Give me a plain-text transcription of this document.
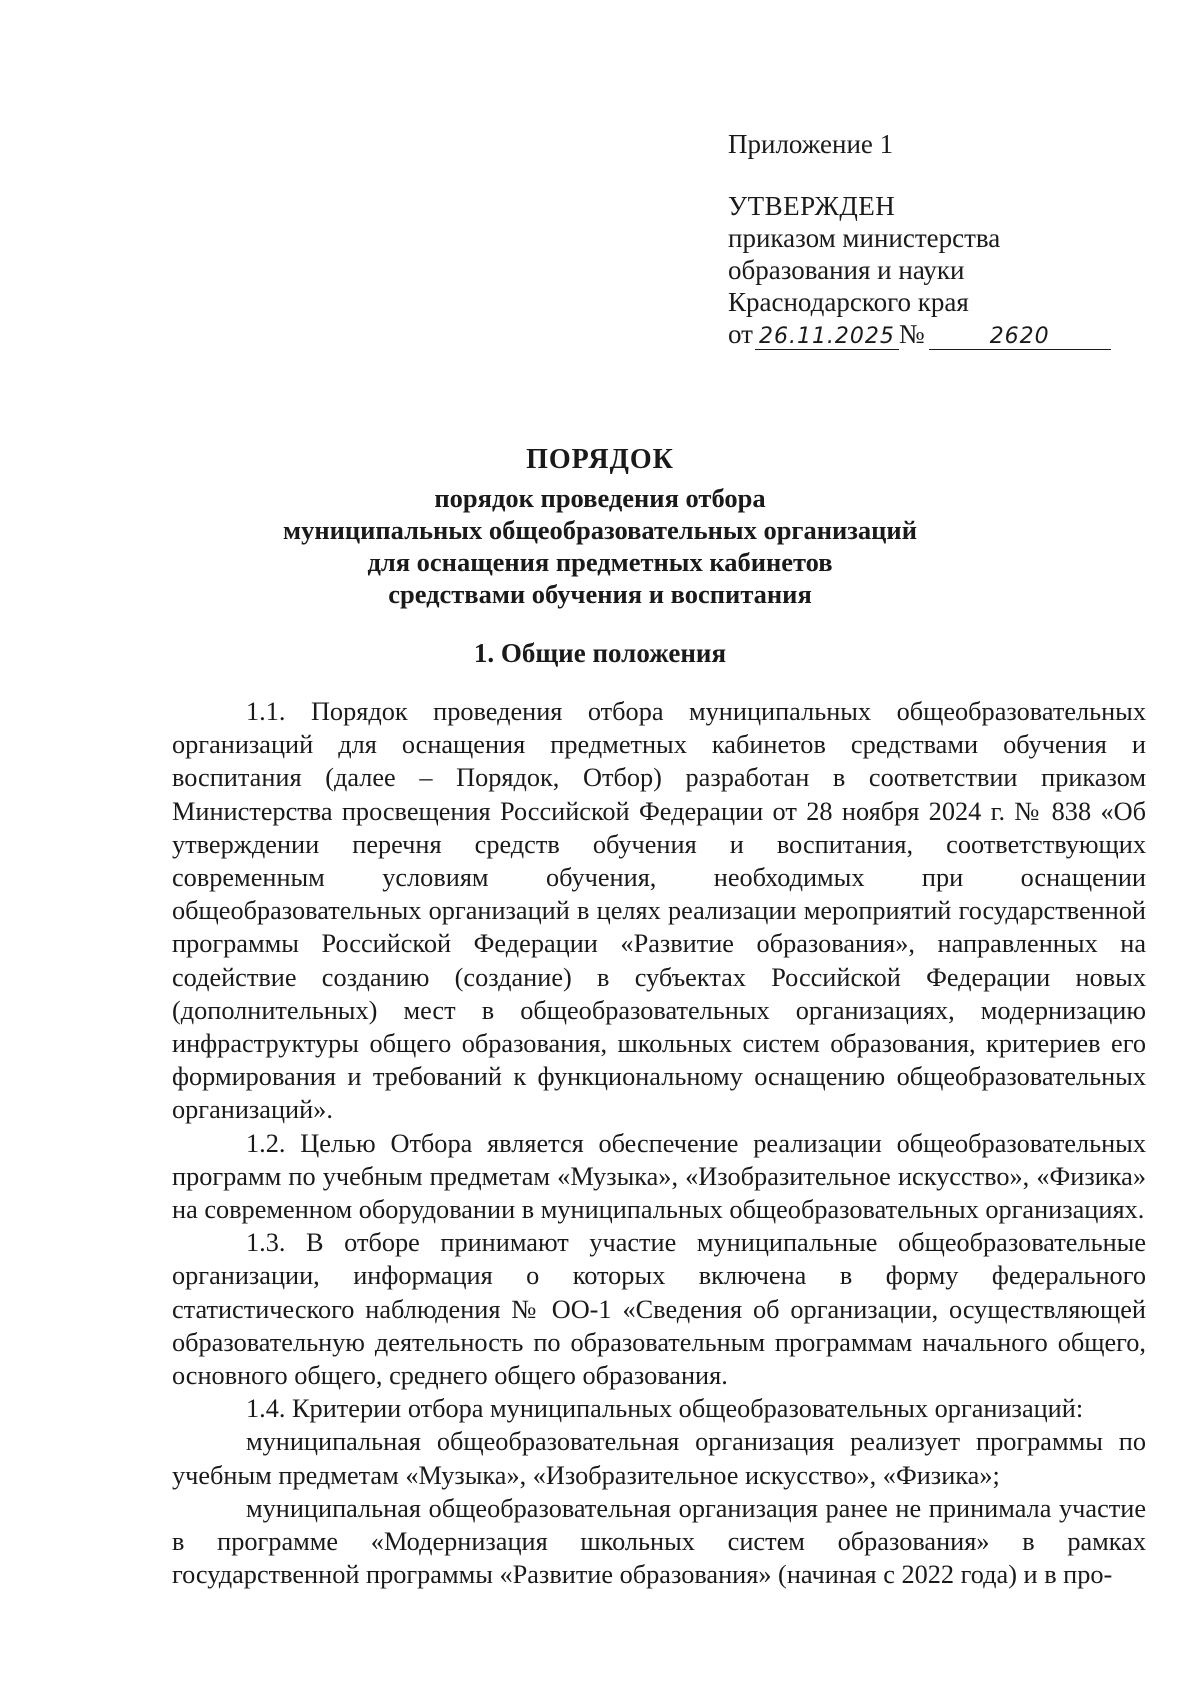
Приложение 1
УТВЕРЖДЕН
приказом министерства
образования и науки
Краснодарского края
от 26.11.2025 №	2620
ПОРЯДОК
порядок проведения отбора
муниципальных общеобразовательных организаций
для оснащения предметных кабинетов
средствами обучения и воспитания
1. Общие положения

1.1. Порядок проведения отбора муниципальных общеобразовательных организаций для оснащения предметных кабинетов средствами обучения и воспитания (далее – Порядок, Отбор) разработан в соответствии приказом Министерства просвещения Российской Федерации от 28 ноября 2024 г. № 838 «Об утверждении перечня средств обучения и воспитания, соответствующих современным условиям обучения, необходимых при оснащении общеобразовательных организаций в целях реализации мероприятий государственной программы Российской Федерации «Развитие образования», направленных на содействие созданию (создание) в субъектах Российской Федерации новых (дополнительных) мест в общеобразовательных организациях, модернизацию инфраструктуры общего образования, школьных систем образования, критериев его формирования и требований к функциональному оснащению общеобразовательных организаций».

1.2. Целью Отбора является обеспечение реализации общеобразовательных программ по учебным предметам «Музыка», «Изобразительное искусство», «Физика» на современном оборудовании в муниципальных общеобразовательных организациях.

1.3. В отборе принимают участие муниципальные общеобразовательные организации, информация о которых включена в форму федерального статистического наблюдения № ОО-1 «Сведения об организации, осуществляющей образовательную деятельность по образовательным программам начального общего, основного общего, среднего общего образования.

1.4. Критерии отбора муниципальных общеобразовательных организаций:

муниципальная общеобразовательная организация реализует программы по учебным предметам «Музыка», «Изобразительное искусство», «Физика»;

муниципальная общеобразовательная организация ранее не принимала участие в программе «Модернизация школьных систем образования» в рамках государственной программы «Развитие образования» (начиная с 2022 года) и в про-
